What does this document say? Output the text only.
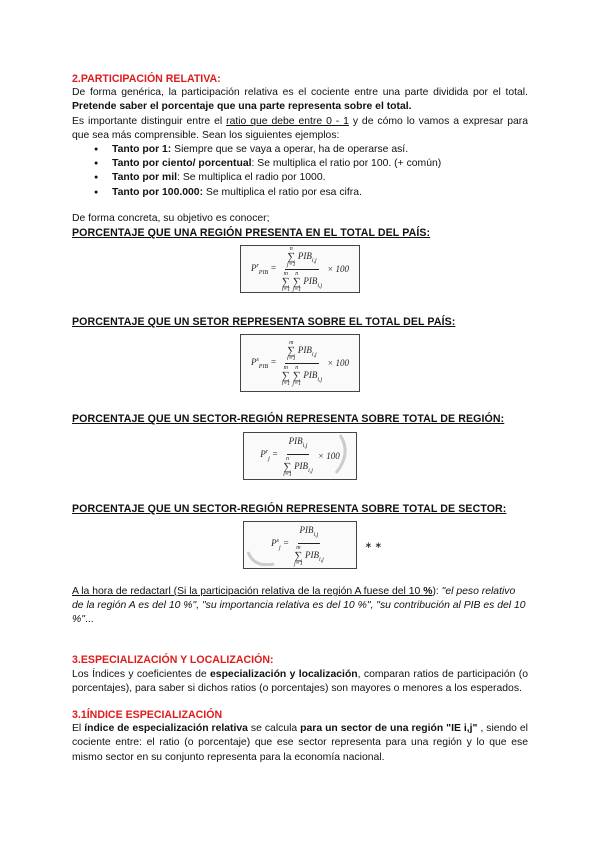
2.PARTICIPACIÓN RELATIVA:
De forma genérica, la participación relativa es el cociente entre una parte dividida por el total. Pretende saber el porcentaje que una parte representa sobre el total.
Es importante distinguir entre el ratio que debe entre 0 - 1 y de cómo lo vamos a expresar para que sea más comprensible. Sean los siguientes ejemplos:
● Tanto por 1: Siempre que se vaya a operar, ha de operarse así.
● Tanto por ciento/ porcentual: Se multiplica el ratio por 100. (+ común)
● Tanto por mil: Se multiplica el radio por 1000.
● Tanto por 100.000: Se multiplica el ratio por esa cifra.
De forma concreta, su objetivo es conocer;
PORCENTAJE QUE UNA REGIÓN PRESENTA EN EL TOTAL DEL PAÍS:
$P^r_{PIB} = n$
∑
j=1
$PIB_{i,j}$
m
∑
i=1

n
∑
j=1
$PIB_{i,j} \times 100$
PORCENTAJE QUE UN SETOR REPRESENTA SOBRE EL TOTAL DEL PAÍS:
$P^s_{PIB} = m$
∑
i=1
$PIB_{i,j}$
m
∑
i=1

n
∑
j=1
$PIB_{i,j} \times 100$
PORCENTAJE QUE UN SECTOR-REGIÓN REPRESENTA SOBRE TOTAL DE REGIÓN:
$P^r_j = PIB_{i,j}$
n
∑
i=1
$PIB_{i,j} \times 100$
PORCENTAJE QUE UN SECTOR-REGIÓN REPRESENTA SOBRE TOTAL DE SECTOR:
$P^s_j = PIB_{i,j}$
m
∑
j=1
$PIB_{i,j}$	∗ ∗
A la hora de redactarl (Si la participación relativa de la región A fuese del 10 %): "el peso relativo de la región A es del 10 %", "su importancia relativa es del 10 %", "su contribución al PIB es del 10 %"...
3.ESPECIALIZACIÓN Y LOCALIZACIÓN:
Los Índices y coeficientes de especialización y localización, comparan ratios de participación (o porcentajes), para saber si dichos ratios (o porcentajes) son mayores o menores a los esperados.
3.1ÍNDICE ESPECIALIZACIÓN
El índice de especialización relativa se calcula para un sector de una región "IE i,j" , siendo el cociente entre: el ratio (o porcentaje) que ese sector representa para una región y lo que ese mismo sector en su conjunto representa para la economía nacional.
